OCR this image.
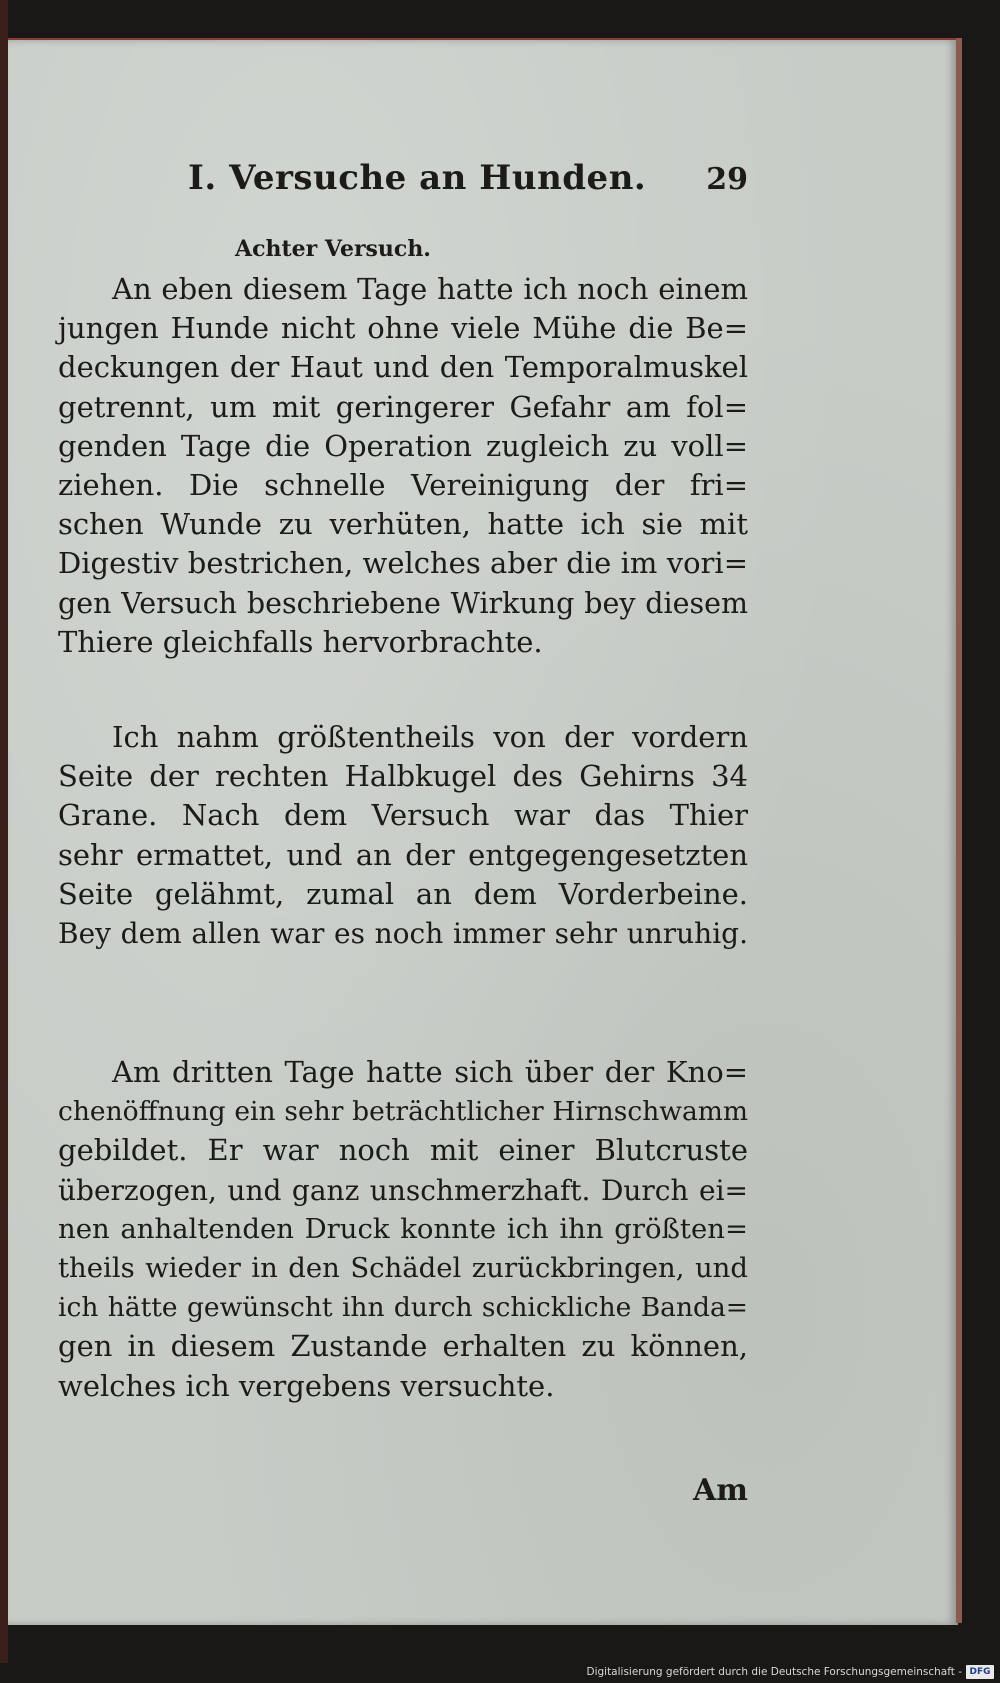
I. Versuche an Hunden. 29
Achter Versuch.
An eben diesem Tage hatte ich noch einem
jungen Hunde nicht ohne viele Mühe die Be=
deckungen der Haut und den Temporalmuskel
getrennt, um mit geringerer Gefahr am fol=
genden Tage die Operation zugleich zu voll=
ziehen. Die schnelle Vereinigung der fri=
schen Wunde zu verhüten, hatte ich sie mit
Digestiv bestrichen, welches aber die im vori=
gen Versuch beschriebene Wirkung bey diesem
Thiere gleichfalls hervorbrachte.
Ich nahm größtentheils von der vordern
Seite der rechten Halbkugel des Gehirns 34
Grane. Nach dem Versuch war das Thier
sehr ermattet, und an der entgegengesetzten
Seite gelähmt, zumal an dem Vorderbeine.
Bey dem allen war es noch immer sehr unruhig.
Am dritten Tage hatte sich über der Kno=
chenöffnung ein sehr beträchtlicher Hirnschwamm
gebildet. Er war noch mit einer Blutcruste
überzogen, und ganz unschmerzhaft. Durch ei=
nen anhaltenden Druck konnte ich ihn größten=
theils wieder in den Schädel zurückbringen, und
ich hätte gewünscht ihn durch schickliche Banda=
gen in diesem Zustande erhalten zu können,
welches ich vergebens versuchte.
Am
Digitalisierung gefördert durch die Deutsche Forschungsgemeinschaft - DFG
